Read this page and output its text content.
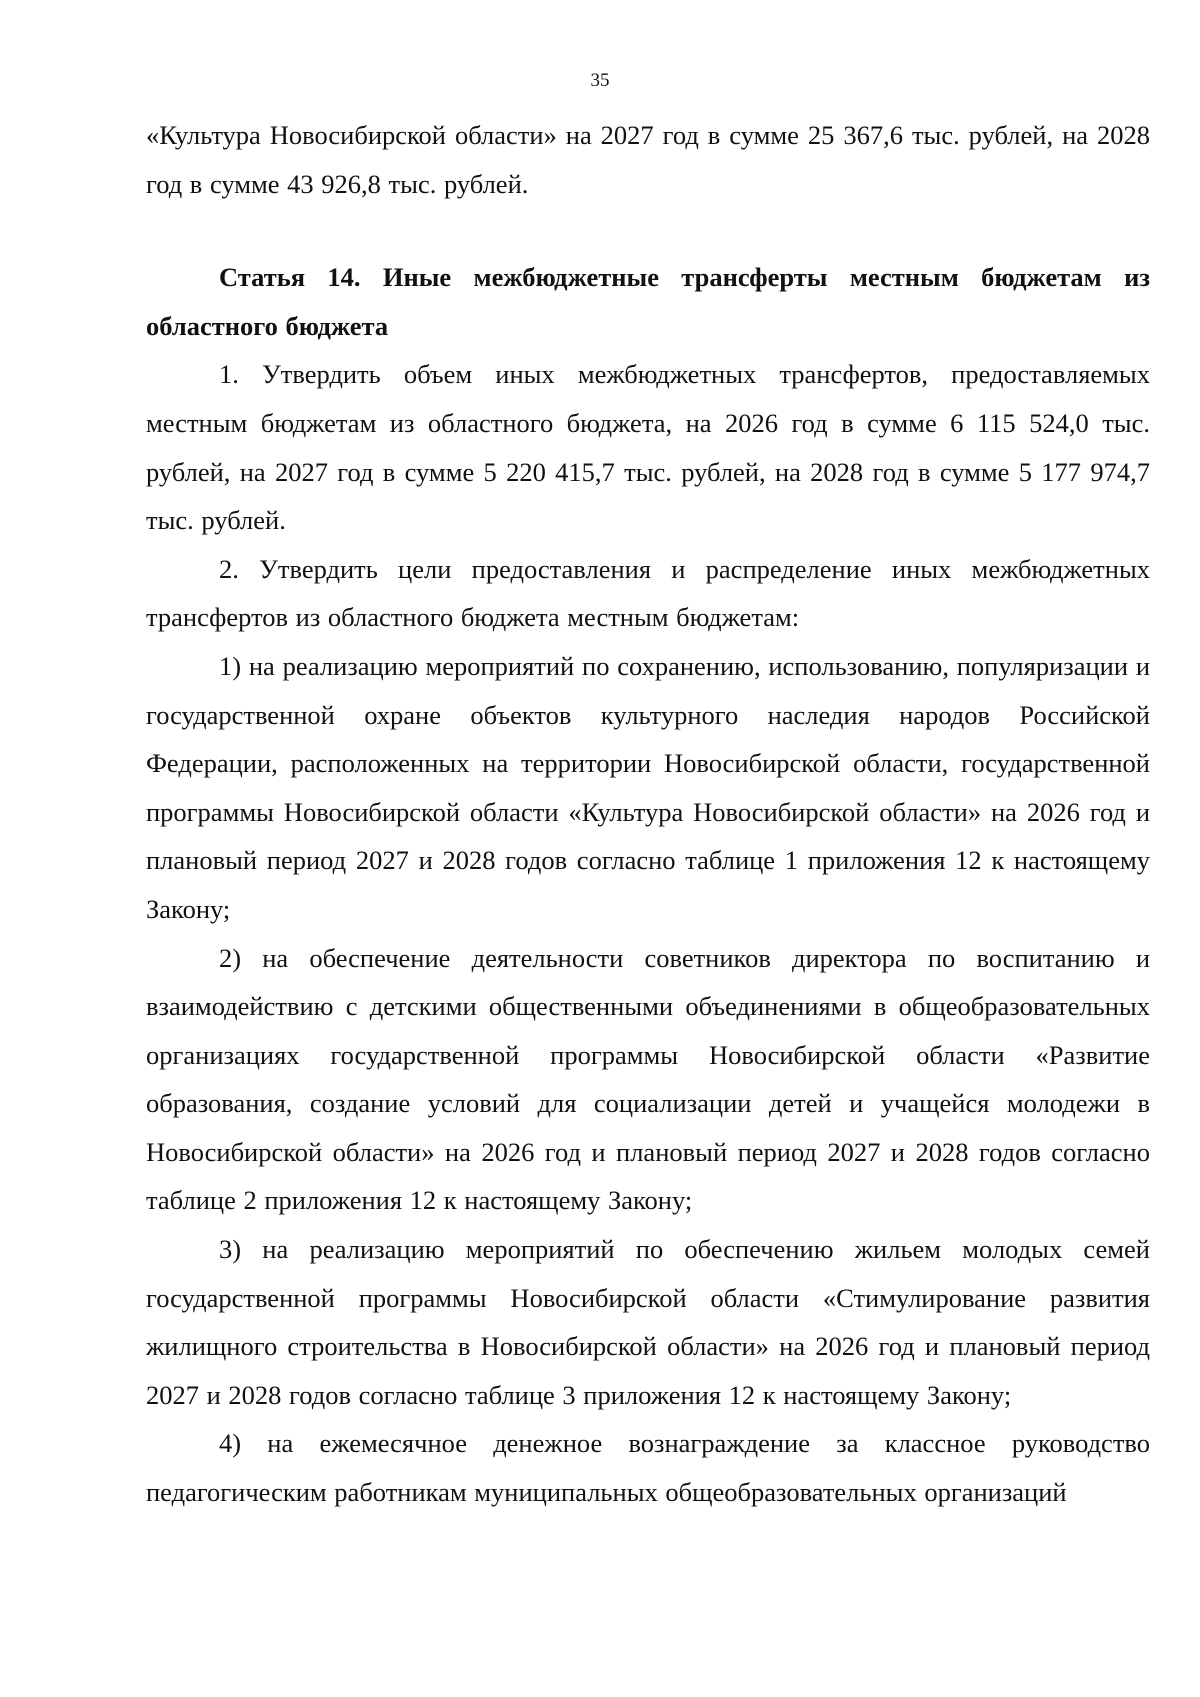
35

«Культура Новосибирской области» на 2027 год в сумме 25 367,6 тыс. рублей, на 2028 год в сумме 43 926,8 тыс. рублей.

Статья 14. Иные межбюджетные трансферты местным бюджетам из областного бюджета

1. Утвердить объем иных межбюджетных трансфертов, предоставляемых местным бюджетам из областного бюджета, на 2026 год в сумме 6 115 524,0 тыс. рублей, на 2027 год в сумме 5 220 415,7 тыс. рублей, на 2028 год в сумме 5 177 974,7 тыс. рублей.

2. Утвердить цели предоставления и распределение иных межбюджетных трансфертов из областного бюджета местным бюджетам:

1) на реализацию мероприятий по сохранению, использованию, популяризации и государственной охране объектов культурного наследия народов Российской Федерации, расположенных на территории Новосибирской области, государственной программы Новосибирской области «Культура Новосибирской области» на 2026 год и плановый период 2027 и 2028 годов согласно таблице 1 приложения 12 к настоящему Закону;

2) на обеспечение деятельности советников директора по воспитанию и взаимодействию с детскими общественными объединениями в общеобразовательных организациях государственной программы Новосибирской области «Развитие образования, создание условий для социализации детей и учащейся молодежи в Новосибирской области» на 2026 год и плановый период 2027 и 2028 годов согласно таблице 2 приложения 12 к настоящему Закону;

3) на реализацию мероприятий по обеспечению жильем молодых семей государственной программы Новосибирской области «Стимулирование развития жилищного строительства в Новосибирской области» на 2026 год и плановый период 2027 и 2028 годов согласно таблице 3 приложения 12 к настоящему Закону;

4) на ежемесячное денежное вознаграждение за классное руководство педагогическим работникам муниципальных общеобразовательных организаций
